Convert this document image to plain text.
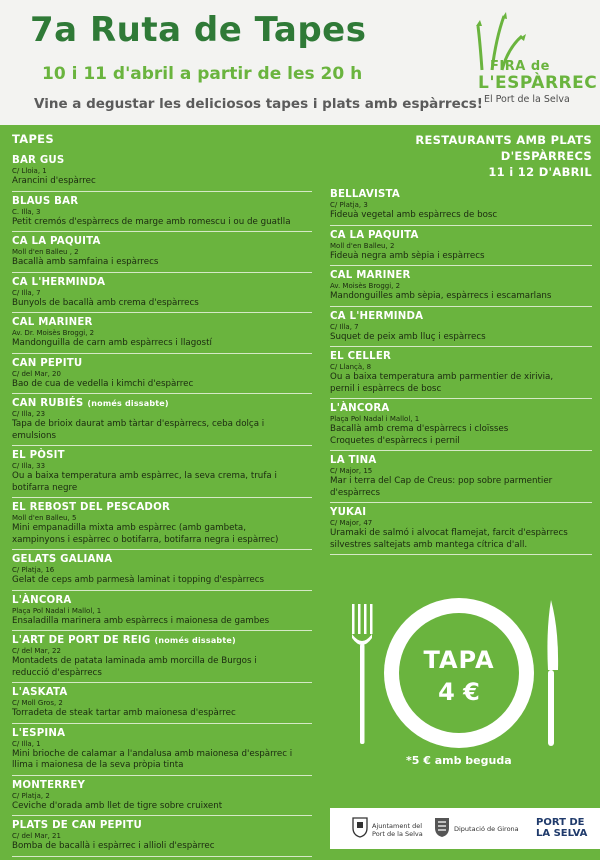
7a Ruta de Tapes
10 i 11 d'abril a partir de les 20 h
Vine a degustar les deliciosos tapes i plats amb espàrrecs!
FIRA de
L'ESPÀRREC
El Port de la Selva
TAPES
BAR GUS
C/ Lloia, 1
Arancini d'espàrrec
BLAUS BAR
C. Illa, 3
Petit cremós d'espàrrecs de marge amb romescu i ou de guatlla
CA LA PAQUITA
Moll d'en Balleu , 2
Bacallà amb samfaina i espàrrecs
CA L'HERMINDA
C/ Illa, 7
Bunyols de bacallà amb crema d'espàrrecs
CAL MARINER
Av. Dr. Moisès Broggi, 2
Mandonguilla de carn amb espàrrecs i llagostí
CAN PEPITU
C/ del Mar, 20
Bao de cua de vedella i kimchi d'espàrrec
CAN RUBIÉS (només dissabte)
C/ Illa, 23
Tapa de brioix daurat amb tàrtar d'espàrrecs, ceba dolça i
emulsions
EL PÒSIT
C/ Illa, 33
Ou a baixa temperatura amb espàrrec, la seva crema, trufa i
botifarra negre
EL REBOST DEL PESCADOR
Moll d'en Balleu, 5
Mini empanadilla mixta amb espàrrec (amb gambeta,
xampinyons i espàrrec o botifarra, botifarra negra i espàrrec)
GELATS GALIANA
C/ Platja, 16
Gelat de ceps amb parmesà laminat i topping d'espàrrecs
L'ÀNCORA
Plaça Pol Nadal i Mallol, 1
Ensaladilla marinera amb espàrrecs i maionesa de gambes
L'ART DE PORT DE REIG (només dissabte)
C/ del Mar, 22
Montadets de patata laminada amb morcilla de Burgos i
reducció d'espàrrecs
L'ASKATA
C/ Moll Gros, 2
Torradeta de steak tartar amb maionesa d'espàrrec
L'ESPINA
C/ Illa, 1
Mini brioche de calamar a l'andalusa amb maionesa d'espàrrec i
llima i maionesa de la seva pròpia tinta
MONTERREY
C/ Platja, 2
Ceviche d'orada amb llet de tigre sobre cruixent
PLATS DE CAN PEPITU
C/ del Mar, 21
Bomba de bacallà i espàrrec i allioli d'espàrrec
RESTAURANTS AMB PLATS D'ESPÀRRECS
11 i 12 D'ABRIL
BELLAVISTA
C/ Platja, 3
Fideuà vegetal amb espàrrecs de bosc
CA LA PAQUITA
Moll d'en Balleu, 2
Fideuà negra amb sèpia i espàrrecs
CAL MARINER
Av. Moisès Broggi, 2
Mandonguilles amb sèpia, espàrrecs i escamarlans
CA L'HERMINDA
C/ Illa, 7
Suquet de peix amb lluç i espàrrecs
EL CELLER
C/ Llançà, 8
Ou a baixa temperatura amb parmentier de xirivia,
pernil i espàrrecs de bosc
L'ÀNCORA
Plaça Pol Nadal i Mallol, 1
Bacallà amb crema d'espàrrecs i cloïsses
Croquetes d'espàrrecs i pernil
LA TINA
C/ Major, 15
Mar i terra del Cap de Creus: pop sobre parmentier
d'espàrrecs
YUKAI
C/ Major, 47
Uramaki de salmó i alvocat flamejat, farcit d'espàrrecs
silvestres saltejats amb mantega cítrica d'all.
TAPA
4 €
*5 € amb beguda
Ajuntament del
Port de la Selva
Diputació de Girona
PORT DE LA SELVA
